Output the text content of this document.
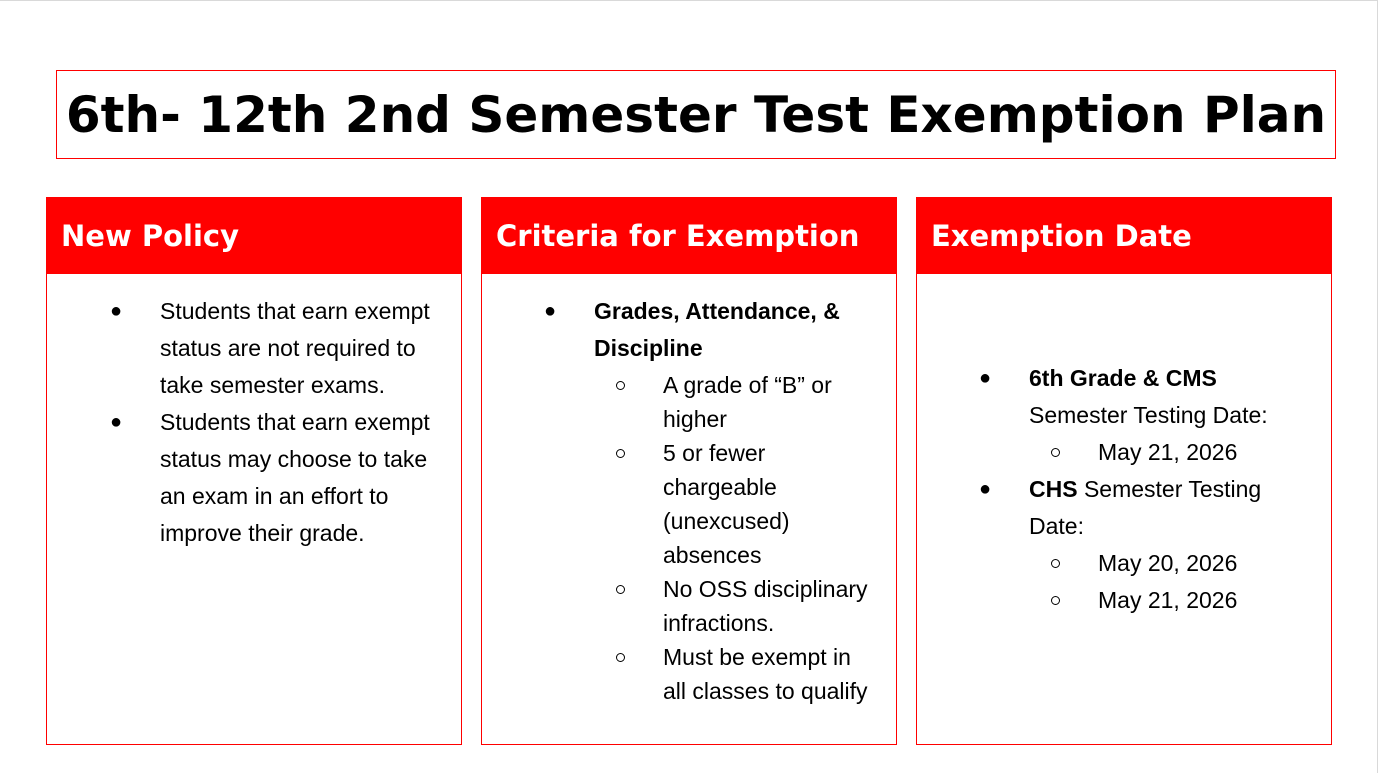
6th- 12th 2nd Semester Test Exemption Plan
New Policy
● Students that earn exempt status are not required to take semester exams.
● Students that earn exempt status may choose to take an exam in an effort to improve their grade.
Criteria for Exemption
● Grades, Attendance, & Discipline
A grade of “B” or higher
5 or fewer chargeable (unexcused) absences
No OSS disciplinary infractions.
Must be exempt in all classes to qualify
Exemption Date
● 6th Grade & CMS Semester Testing Date:
May 21, 2026
● CHS Semester Testing Date:
May 20, 2026
May 21, 2026
